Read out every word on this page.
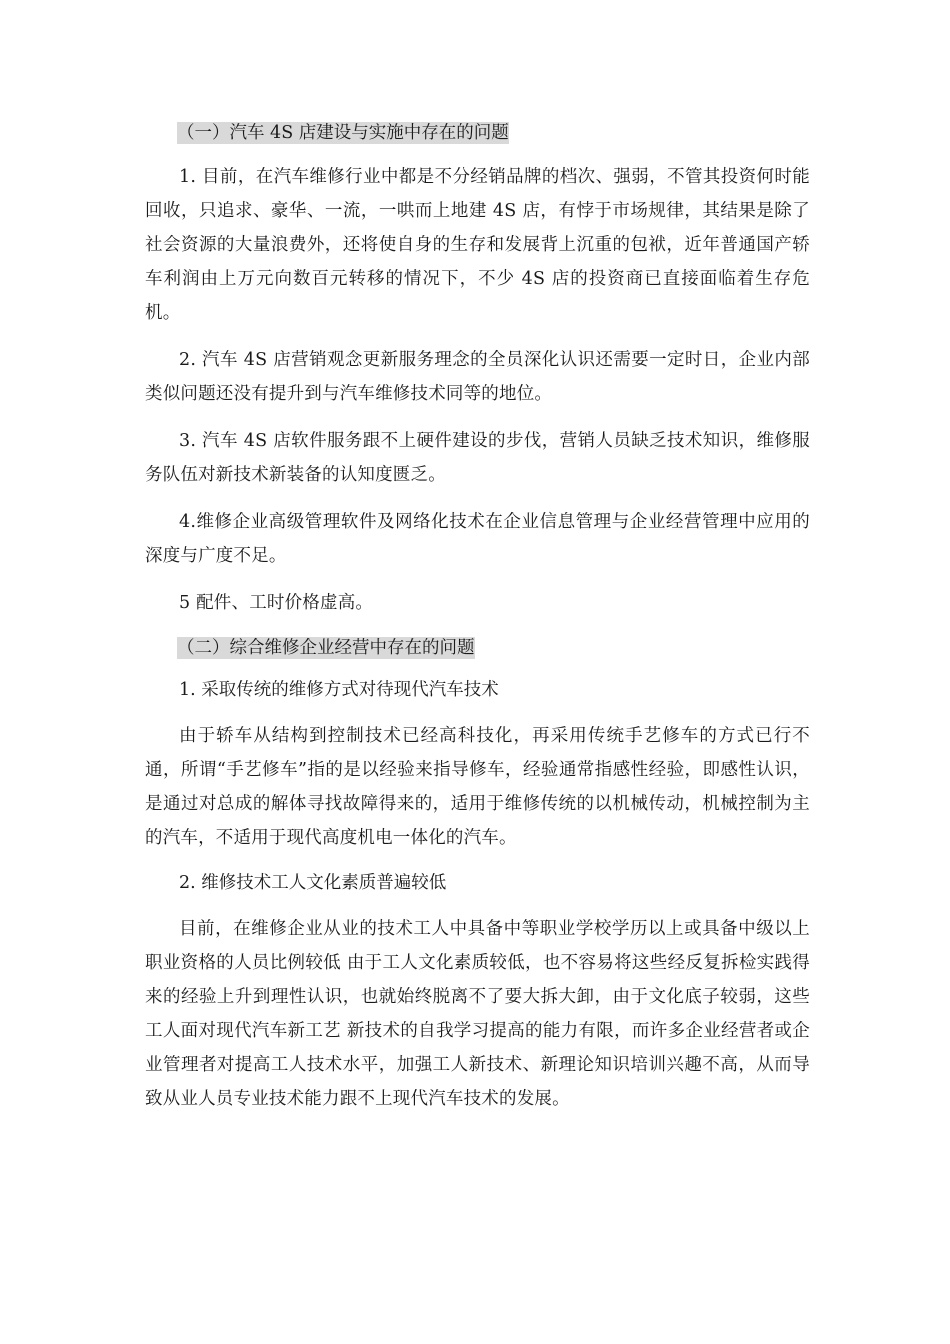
（一）汽车 4S 店建设与实施中存在的问题

1. 目前，在汽车维修行业中都是不分经销品牌的档次、强弱，不管其投资何时能回收，只追求、豪华、一流，一哄而上地建 4S 店，有悖于市场规律，其结果是除了社会资源的大量浪费外，还将使自身的生存和发展背上沉重的包袱，近年普通国产轿车利润由上万元向数百元转移的情况下，不少 4S 店的投资商已直接面临着生存危机。

2. 汽车 4S 店营销观念更新服务理念的全员深化认识还需要一定时日，企业内部类似问题还没有提升到与汽车维修技术同等的地位。

3. 汽车 4S 店软件服务跟不上硬件建设的步伐，营销人员缺乏技术知识，维修服务队伍对新技术新装备的认知度匮乏。

4.维修企业高级管理软件及网络化技术在企业信息管理与企业经营管理中应用的深度与广度不足。

5 配件、工时价格虚高。

（二）综合维修企业经营中存在的问题
1. 采取传统的维修方式对待现代汽车技术

由于轿车从结构到控制技术已经高科技化，再采用传统手艺修车的方式已行不通，所谓“手艺修车”指的是以经验来指导修车，经验通常指感性经验，即感性认识，是通过对总成的解体寻找故障得来的，适用于维修传统的以机械传动，机械控制为主的汽车，不适用于现代高度机电一体化的汽车。

2. 维修技术工人文化素质普遍较低

目前，在维修企业从业的技术工人中具备中等职业学校学历以上或具备中级以上职业资格的人员比例较低 由于工人文化素质较低，也不容易将这些经反复拆检实践得来的经验上升到理性认识，也就始终脱离不了要大拆大卸，由于文化底子较弱，这些工人面对现代汽车新工艺 新技术的自我学习提高的能力有限，而许多企业经营者或企业管理者对提高工人技术水平，加强工人新技术、新理论知识培训兴趣不高，从而导致从业人员专业技术能力跟不上现代汽车技术的发展。
